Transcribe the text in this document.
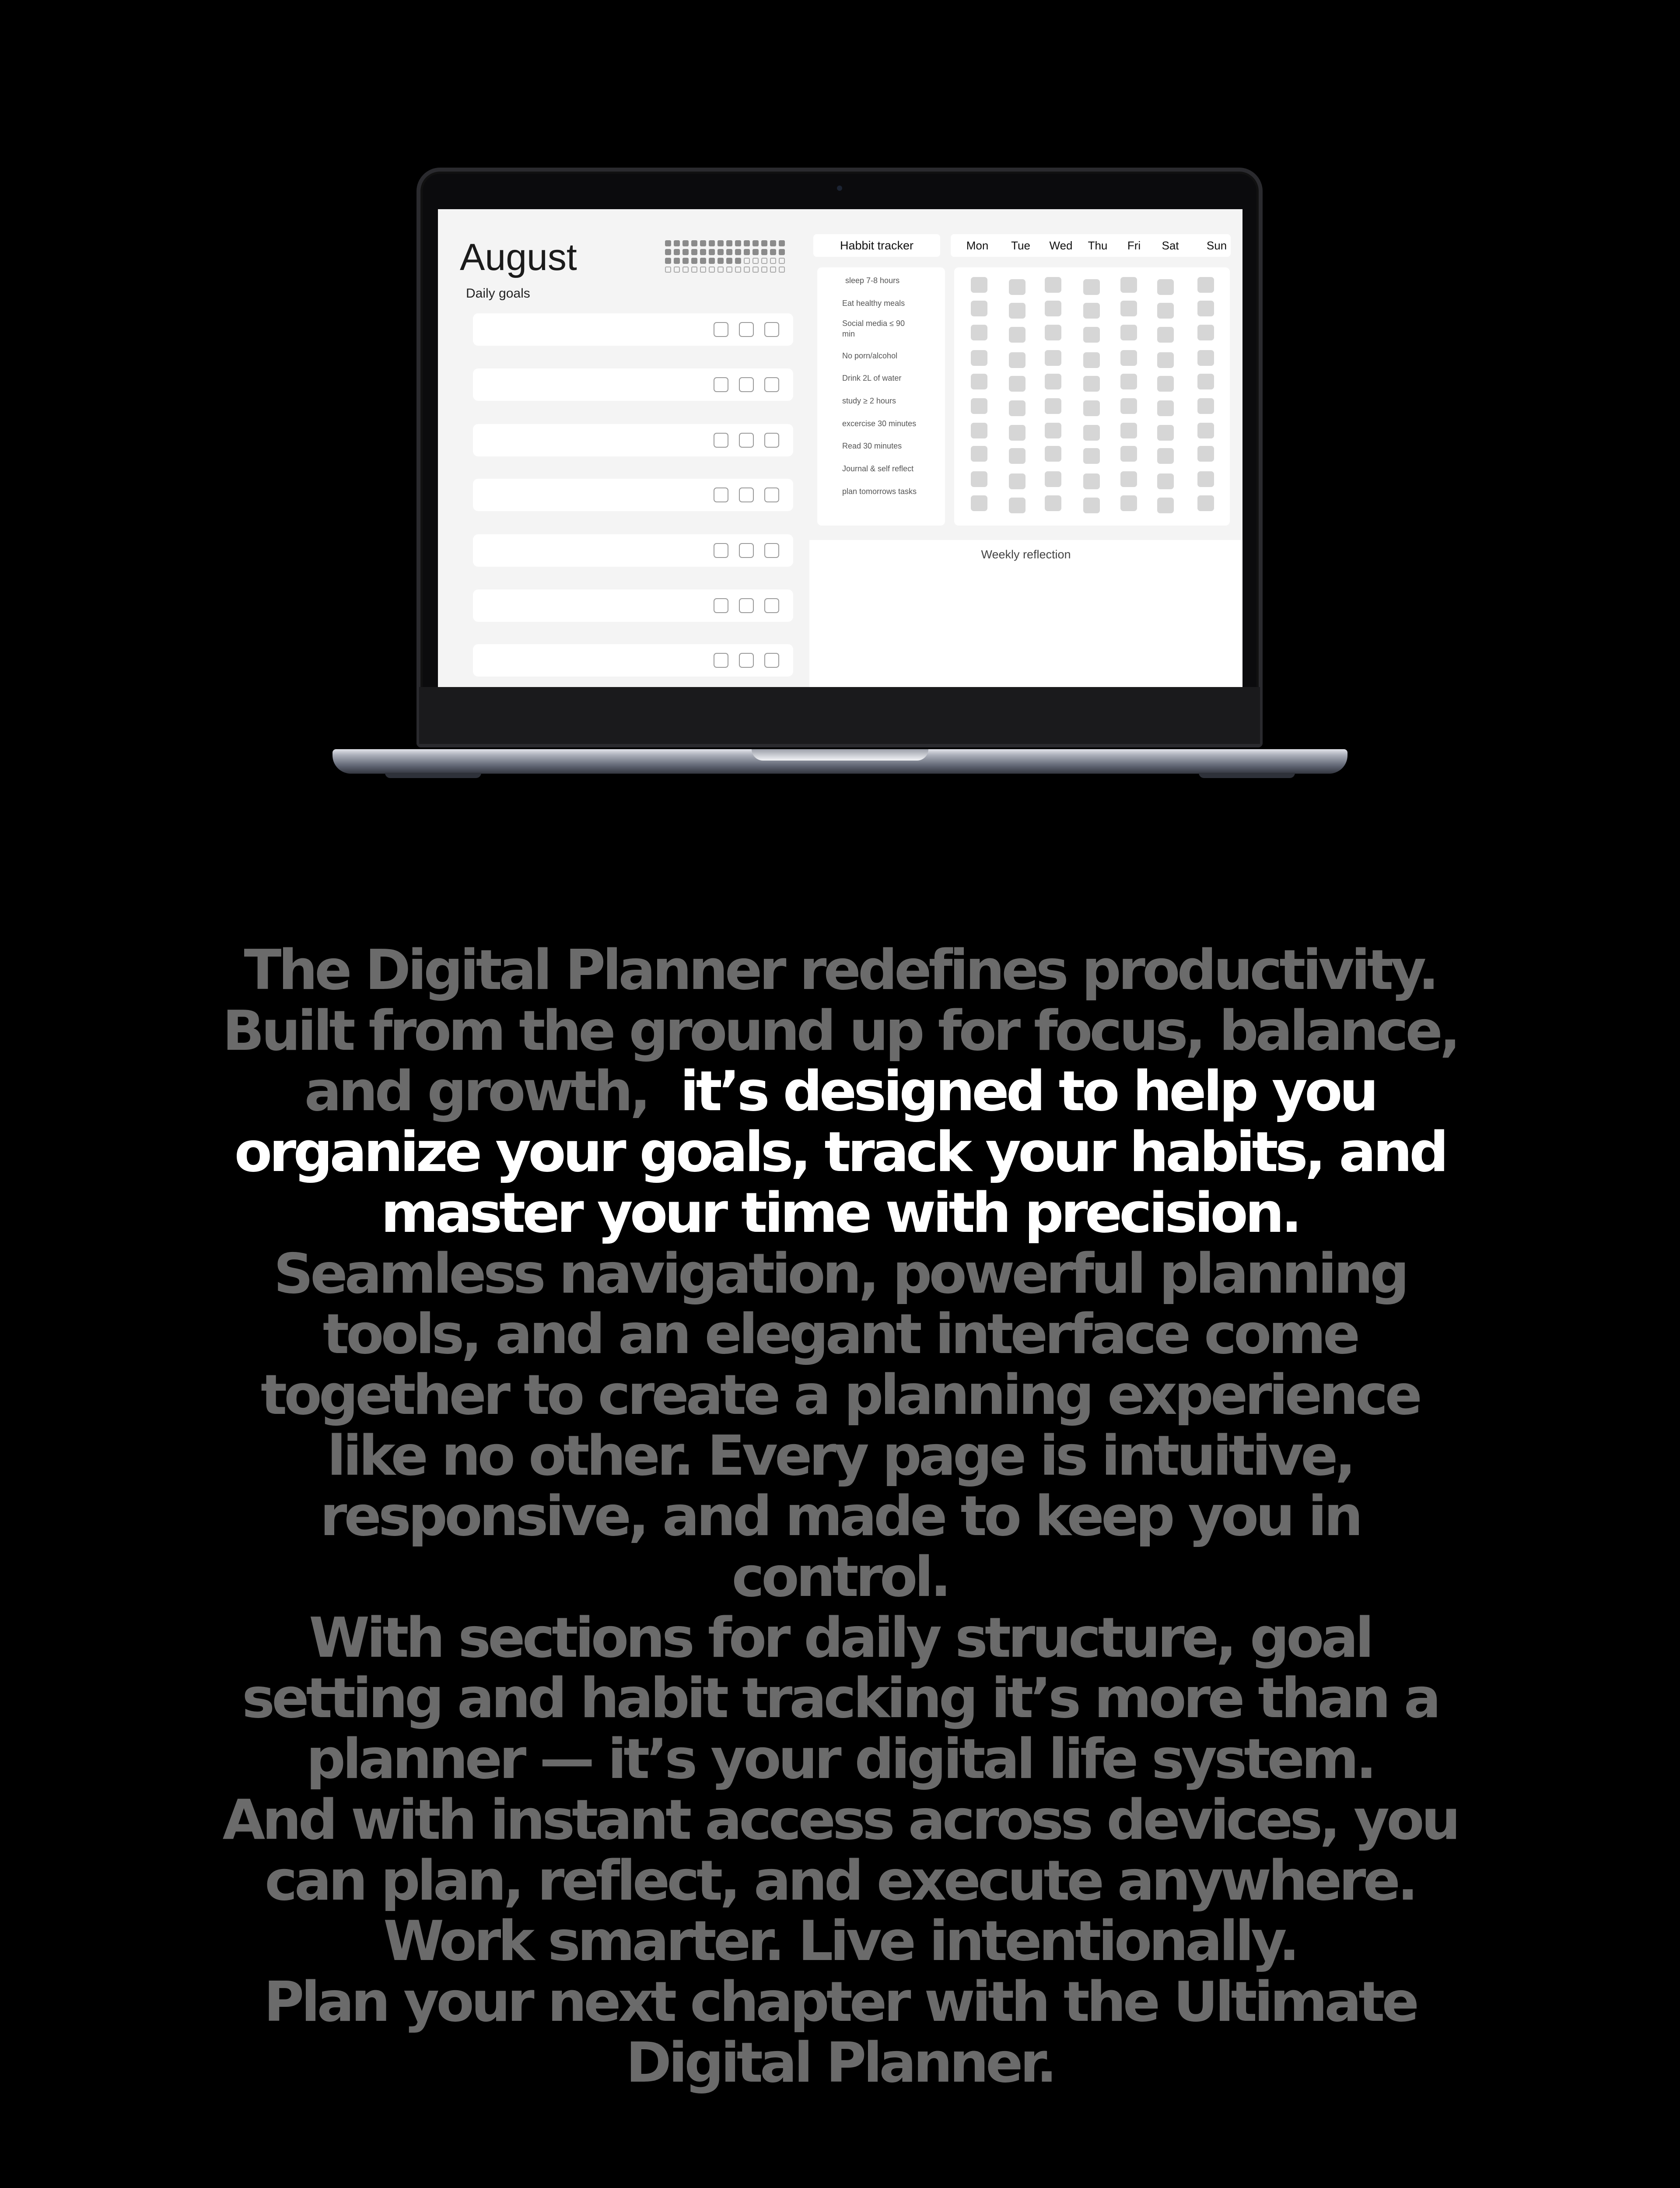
August
Daily goals
Habbit tracker	Mon Tue Wed Thu Fri Sat Sun
sleep 7-8 hours
Eat healthy meals
Social media ≤ 90 min
No porn/alcohol
Drink 2L of water
study ≥ 2 hours
excercise 30 minutes
Read 30 minutes
Journal & self reflect
plan tomorrows tasks
Weekly reflection
The Digital Planner redefines productivity.
Built from the ground up for focus, balance,
and growth, it’s designed to help you
organize your goals, track your habits, and
master your time with precision.
Seamless navigation, powerful planning
tools, and an elegant interface come
together to create a planning experience
like no other. Every page is intuitive,
responsive, and made to keep you in
control.
With sections for daily structure, goal
setting and habit tracking it’s more than a
planner — it’s your digital life system.
And with instant access across devices, you
can plan, reflect, and execute anywhere.
Work smarter. Live intentionally.
Plan your next chapter with the Ultimate
Digital Planner.
